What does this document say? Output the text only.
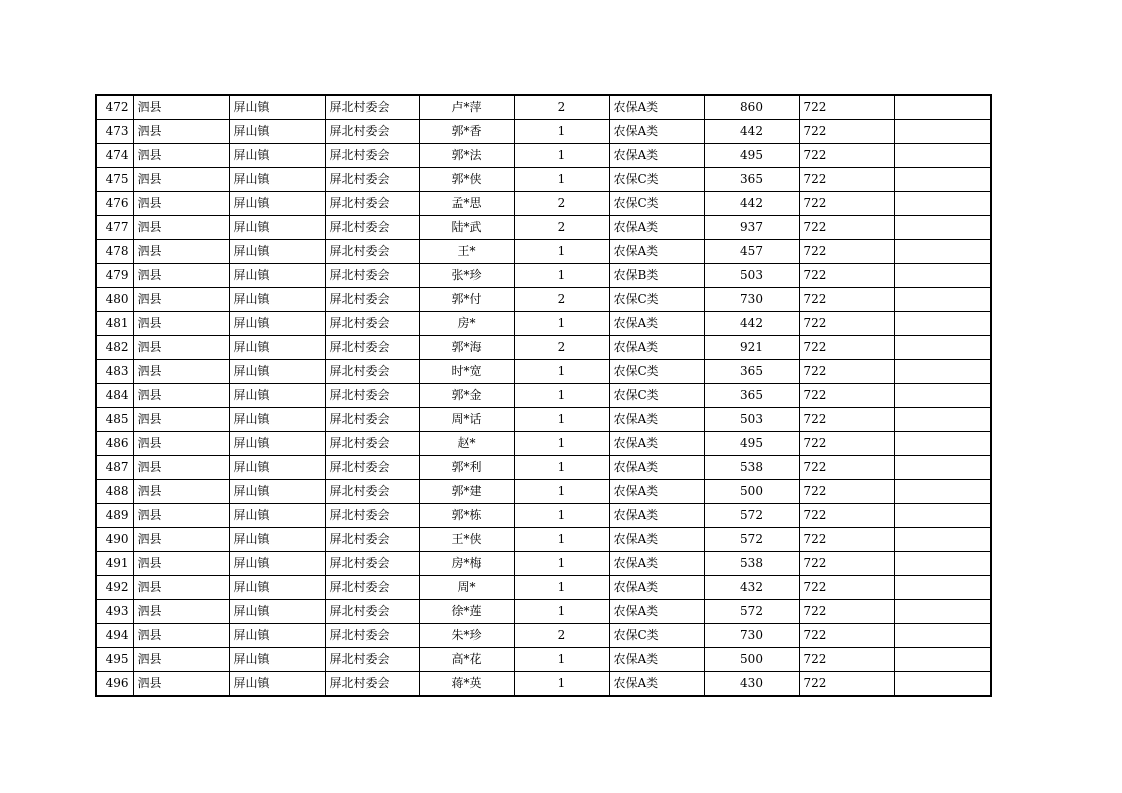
472	泗县	屏山镇	屏北村委会	卢*萍	2	农保A类	860	722	
473	泗县	屏山镇	屏北村委会	郭*香	1	农保A类	442	722	
474	泗县	屏山镇	屏北村委会	郭*法	1	农保A类	495	722	
475	泗县	屏山镇	屏北村委会	郭*侠	1	农保C类	365	722	
476	泗县	屏山镇	屏北村委会	孟*思	2	农保C类	442	722	
477	泗县	屏山镇	屏北村委会	陆*武	2	农保A类	937	722	
478	泗县	屏山镇	屏北村委会	王*	1	农保A类	457	722	
479	泗县	屏山镇	屏北村委会	张*珍	1	农保B类	503	722	
480	泗县	屏山镇	屏北村委会	郭*付	2	农保C类	730	722	
481	泗县	屏山镇	屏北村委会	房*	1	农保A类	442	722	
482	泗县	屏山镇	屏北村委会	郭*海	2	农保A类	921	722	
483	泗县	屏山镇	屏北村委会	时*宽	1	农保C类	365	722	
484	泗县	屏山镇	屏北村委会	郭*金	1	农保C类	365	722	
485	泗县	屏山镇	屏北村委会	周*话	1	农保A类	503	722	
486	泗县	屏山镇	屏北村委会	赵*	1	农保A类	495	722	
487	泗县	屏山镇	屏北村委会	郭*利	1	农保A类	538	722	
488	泗县	屏山镇	屏北村委会	郭*建	1	农保A类	500	722	
489	泗县	屏山镇	屏北村委会	郭*栋	1	农保A类	572	722	
490	泗县	屏山镇	屏北村委会	王*侠	1	农保A类	572	722	
491	泗县	屏山镇	屏北村委会	房*梅	1	农保A类	538	722	
492	泗县	屏山镇	屏北村委会	周*	1	农保A类	432	722	
493	泗县	屏山镇	屏北村委会	徐*莲	1	农保A类	572	722	
494	泗县	屏山镇	屏北村委会	朱*珍	2	农保C类	730	722	
495	泗县	屏山镇	屏北村委会	高*花	1	农保A类	500	722	
496	泗县	屏山镇	屏北村委会	蒋*英	1	农保A类	430	722	
